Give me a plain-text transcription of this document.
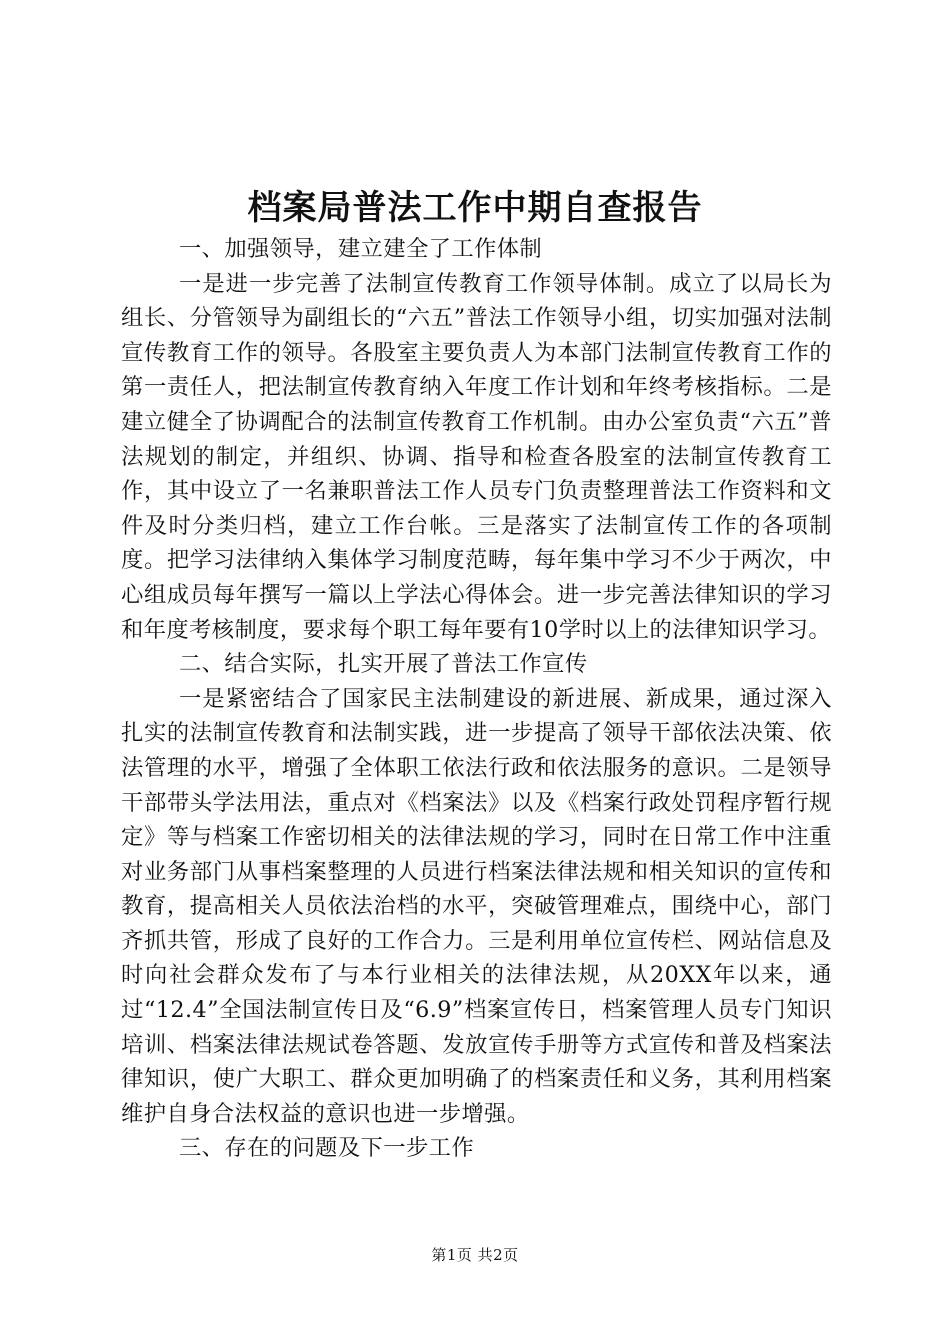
档案局普法工作中期自查报告

一、加强领导，建立建全了工作体制

一是进一步完善了法制宣传教育工作领导体制。成立了以局长为组长、分管领导为副组长的“六五”普法工作领导小组，切实加强对法制宣传教育工作的领导。各股室主要负责人为本部门法制宣传教育工作的第一责任人，把法制宣传教育纳入年度工作计划和年终考核指标。二是建立健全了协调配合的法制宣传教育工作机制。由办公室负责“六五”普法规划的制定，并组织、协调、指导和检查各股室的法制宣传教育工作，其中设立了一名兼职普法工作人员专门负责整理普法工作资料和文件及时分类归档，建立工作台帐。三是落实了法制宣传工作的各项制度。把学习法律纳入集体学习制度范畴，每年集中学习不少于两次，中心组成员每年撰写一篇以上学法心得体会。进一步完善法律知识的学习和年度考核制度，要求每个职工每年要有10学时以上的法律知识学习。

二、结合实际，扎实开展了普法工作宣传

一是紧密结合了国家民主法制建设的新进展、新成果，通过深入扎实的法制宣传教育和法制实践，进一步提高了领导干部依法决策、依法管理的水平，增强了全体职工依法行政和依法服务的意识。二是领导干部带头学法用法，重点对《档案法》以及《档案行政处罚程序暂行规定》等与档案工作密切相关的法律法规的学习，同时在日常工作中注重对业务部门从事档案整理的人员进行档案法律法规和相关知识的宣传和教育，提高相关人员依法治档的水平，突破管理难点，围绕中心，部门齐抓共管，形成了良好的工作合力。三是利用单位宣传栏、网站信息及时向社会群众发布了与本行业相关的法律法规，从20XX年以来，通过“12.4”全国法制宣传日及“6.9”档案宣传日，档案管理人员专门知识培训、档案法律法规试卷答题、发放宣传手册等方式宣传和普及档案法律知识，使广大职工、群众更加明确了的档案责任和义务，其利用档案维护自身合法权益的意识也进一步增强。

三、存在的问题及下一步工作

第1页 共2页
